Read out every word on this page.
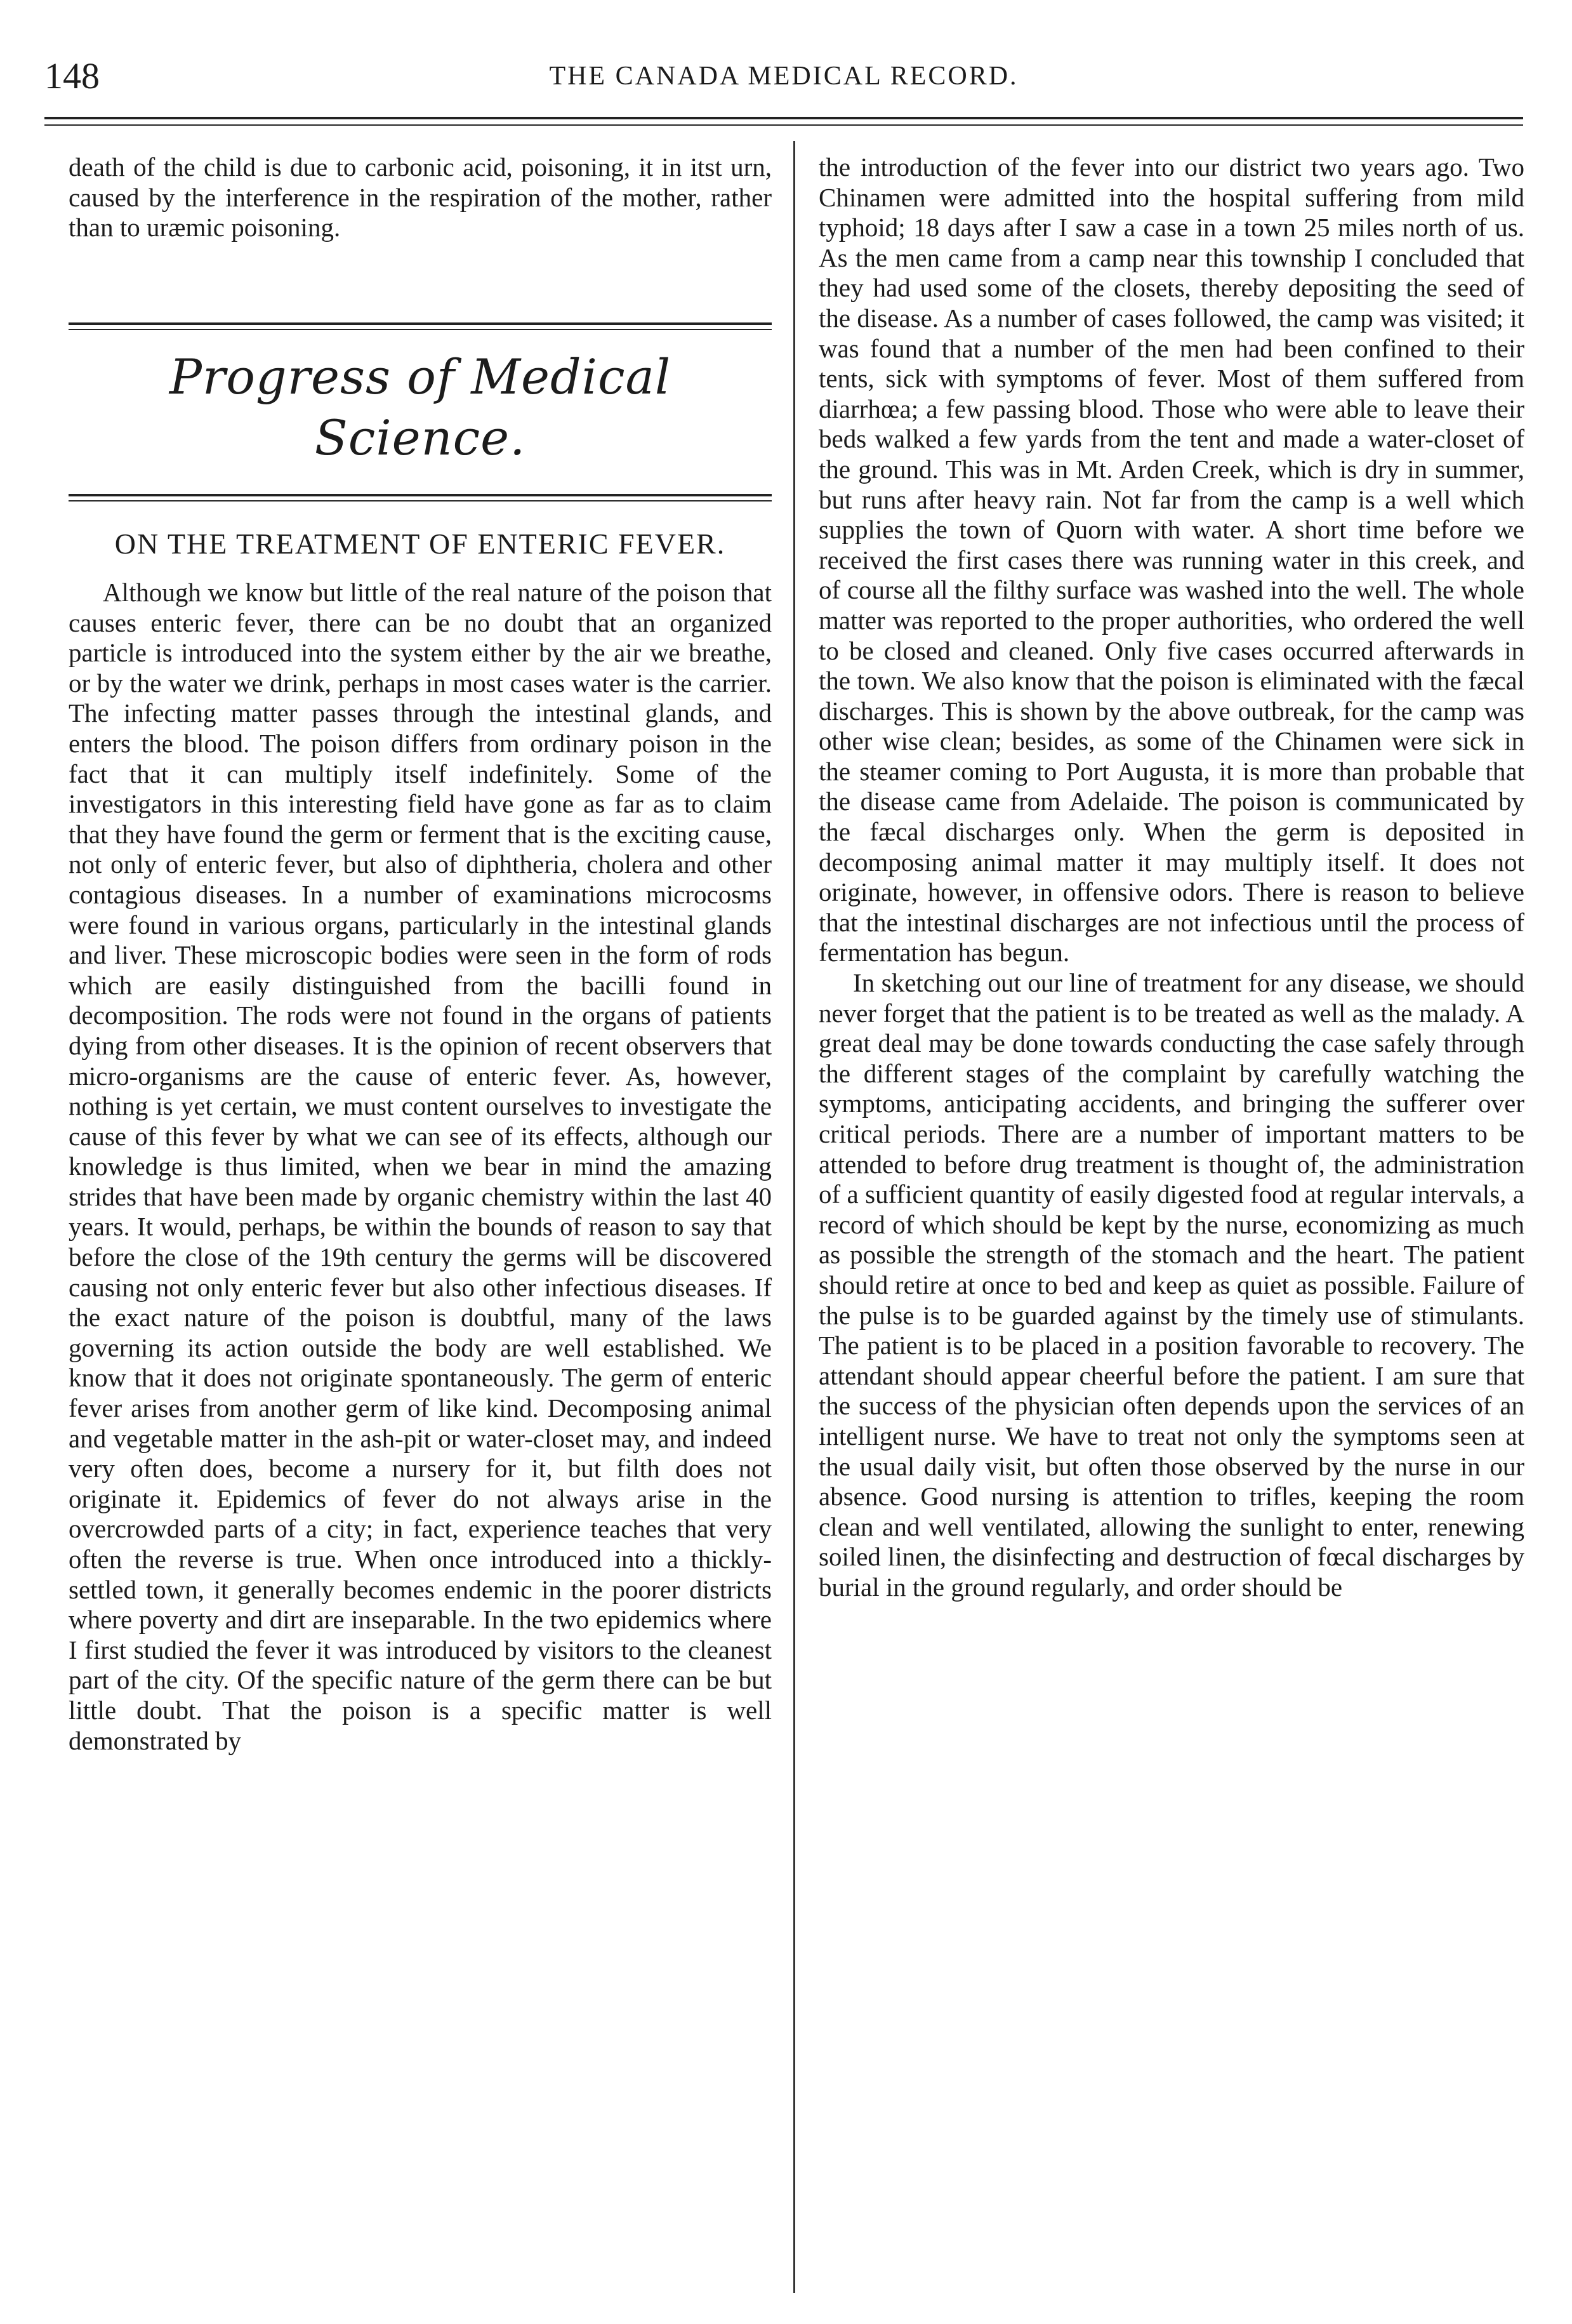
148	THE CANADA MEDICAL RECORD.

death of the child is due to carbonic acid, poisoning, it in itst urn, caused by the interference in the respiration of the mother, rather than to uræmic poisoning.

Progress of Medical Science.
ON THE TREATMENT OF ENTERIC FEVER.

Although we know but little of the real nature of the poison that causes enteric fever, there can be no doubt that an organized particle is introduced into the system either by the air we breathe, or by the water we drink, perhaps in most cases water is the carrier. The infecting matter passes through the intestinal glands, and enters the blood. The poison differs from ordinary poison in the fact that it can multiply itself indefinitely. Some of the investigators in this interesting field have gone as far as to claim that they have found the germ or ferment that is the exciting cause, not only of enteric fever, but also of diphtheria, cholera and other contagious diseases. In a number of examinations microcosms were found in various organs, particularly in the intestinal glands and liver. These microscopic bodies were seen in the form of rods which are easily distinguished from the bacilli found in decomposition. The rods were not found in the organs of patients dying from other diseases. It is the opinion of recent observers that micro-organisms are the cause of enteric fever. As, however, nothing is yet certain, we must content ourselves to investigate the cause of this fever by what we can see of its effects, although our knowledge is thus limited, when we bear in mind the amazing strides that have been made by organic chemistry within the last 40 years. It would, perhaps, be within the bounds of reason to say that before the close of the 19th century the germs will be discovered causing not only enteric fever but also other infectious diseases. If the exact nature of the poison is doubtful, many of the laws governing its action outside the body are well established. We know that it does not originate spontaneously. The germ of enteric fever arises from another germ of like kind. Decomposing animal and vegetable matter in the ash-pit or water-closet may, and indeed very often does, become a nursery for it, but filth does not originate it. Epidemics of fever do not always arise in the overcrowded parts of a city; in fact, experience teaches that very often the reverse is true. When once introduced into a thickly-settled town, it generally becomes endemic in the poorer districts where poverty and dirt are inseparable. In the two epidemics where I first studied the fever it was introduced by visitors to the cleanest part of the city. Of the specific nature of the germ there can be but little doubt. That the poison is a specific matter is well demonstrated by

the introduction of the fever into our district two years ago. Two Chinamen were admitted into the hospital suffering from mild typhoid; 18 days after I saw a case in a town 25 miles north of us. As the men came from a camp near this township I concluded that they had used some of the closets, thereby depositing the seed of the disease. As a number of cases followed, the camp was visited; it was found that a number of the men had been confined to their tents, sick with symptoms of fever. Most of them suffered from diarrhœa; a few passing blood. Those who were able to leave their beds walked a few yards from the tent and made a water-closet of the ground. This was in Mt. Arden Creek, which is dry in summer, but runs after heavy rain. Not far from the camp is a well which supplies the town of Quorn with water. A short time before we received the first cases there was running water in this creek, and of course all the filthy surface was washed into the well. The whole matter was reported to the proper authorities, who ordered the well to be closed and cleaned. Only five cases occurred afterwards in the town. We also know that the poison is eliminated with the fæcal discharges. This is shown by the above outbreak, for the camp was other wise clean; besides, as some of the Chinamen were sick in the steamer coming to Port Augusta, it is more than probable that the disease came from Adelaide. The poison is communicated by the fæcal discharges only. When the germ is deposited in decomposing animal matter it may multiply itself. It does not originate, however, in offensive odors. There is reason to believe that the intestinal discharges are not infectious until the process of fermentation has begun.

In sketching out our line of treatment for any disease, we should never forget that the patient is to be treated as well as the malady. A great deal may be done towards conducting the case safely through the different stages of the complaint by carefully watching the symptoms, anticipating accidents, and bringing the sufferer over critical periods. There are a number of important matters to be attended to before drug treatment is thought of, the administration of a sufficient quantity of easily digested food at regular intervals, a record of which should be kept by the nurse, economizing as much as possible the strength of the stomach and the heart. The patient should retire at once to bed and keep as quiet as possible. Failure of the pulse is to be guarded against by the timely use of stimulants. The patient is to be placed in a position favorable to recovery. The attendant should appear cheerful before the patient. I am sure that the success of the physician often depends upon the services of an intelligent nurse. We have to treat not only the symptoms seen at the usual daily visit, but often those observed by the nurse in our absence. Good nursing is attention to trifles, keeping the room clean and well ventilated, allowing the sunlight to enter, renewing soiled linen, the disinfecting and destruction of fœcal discharges by burial in the ground regularly, and order should be
